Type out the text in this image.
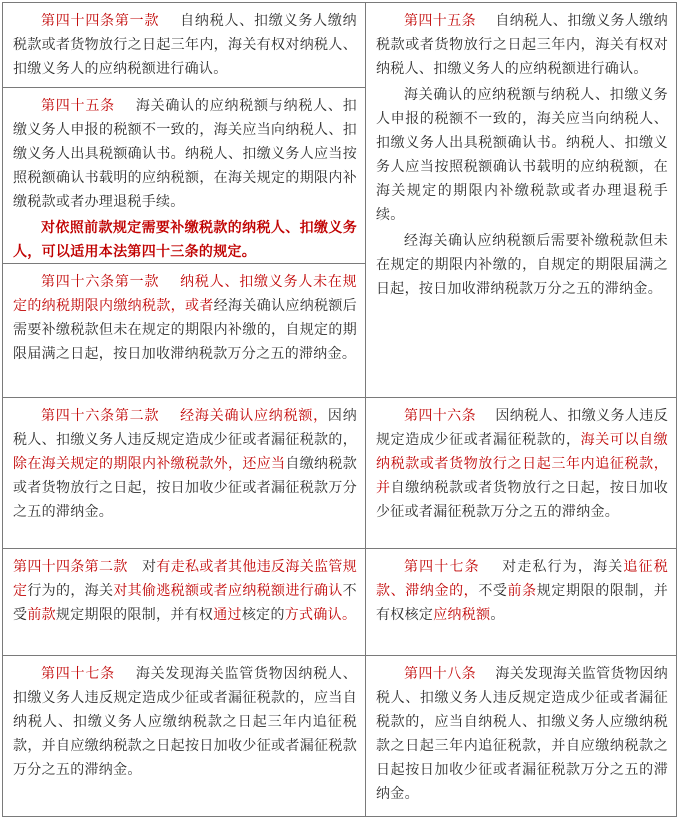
第四十四条第一款 自纳税人、扣缴义务人缴纳税款或者货物放行之日起三年内，海关有权对纳税人、扣缴义务人的应纳税额进行确认。

第四十五条 海关确认的应纳税额与纳税人、扣缴义务人申报的税额不一致的，海关应当向纳税人、扣缴义务人出具税额确认书。纳税人、扣缴义务人应当按照税额确认书载明的应纳税额，在海关规定的期限内补缴税款或者办理退税手续。

对依照前款规定需要补缴税款的纳税人、扣缴义务人，可以适用本法第四十三条的规定。

第四十六条第一款 纳税人、扣缴义务人未在规定的纳税期限内缴纳税款，或者经海关确认应纳税额后需要补缴税款但未在规定的期限内补缴的，自规定的期限届满之日起，按日加收滞纳税款万分之五的滞纳金。

第四十六条第二款 经海关确认应纳税额，因纳税人、扣缴义务人违反规定造成少征或者漏征税款的，除在海关规定的期限内补缴税款外，还应当自缴纳税款或者货物放行之日起，按日加收少征或者漏征税款万分之五的滞纳金。

第四十四条第二款 对有走私或者其他违反海关监管规定行为的，海关对其偷逃税额或者应纳税额进行确认不受前款规定期限的限制，并有权通过核定的方式确认。

第四十七条 海关发现海关监管货物因纳税人、扣缴义务人违反规定造成少征或者漏征税款的，应当自纳税人、扣缴义务人应缴纳税款之日起三年内追征税款，并自应缴纳税款之日起按日加收少征或者漏征税款万分之五的滞纳金。

第四十五条 自纳税人、扣缴义务人缴纳税款或者货物放行之日起三年内，海关有权对纳税人、扣缴义务人的应纳税额进行确认。

海关确认的应纳税额与纳税人、扣缴义务人申报的税额不一致的，海关应当向纳税人、扣缴义务人出具税额确认书。纳税人、扣缴义务人应当按照税额确认书载明的应纳税额，在海关规定的期限内补缴税款或者办理退税手续。

经海关确认应纳税额后需要补缴税款但未在规定的期限内补缴的，自规定的期限届满之日起，按日加收滞纳税款万分之五的滞纳金。

第四十六条 因纳税人、扣缴义务人违反规定造成少征或者漏征税款的，海关可以自缴纳税款或者货物放行之日起三年内追征税款，并自缴纳税款或者货物放行之日起，按日加收少征或者漏征税款万分之五的滞纳金。

第四十七条 对走私行为，海关追征税款、滞纳金的，不受前条规定期限的限制，并有权核定应纳税额。

第四十八条 海关发现海关监管货物因纳税人、扣缴义务人违反规定造成少征或者漏征税款的，应当自纳税人、扣缴义务人应缴纳税款之日起三年内追征税款，并自应缴纳税款之日起按日加收少征或者漏征税款万分之五的滞纳金。
